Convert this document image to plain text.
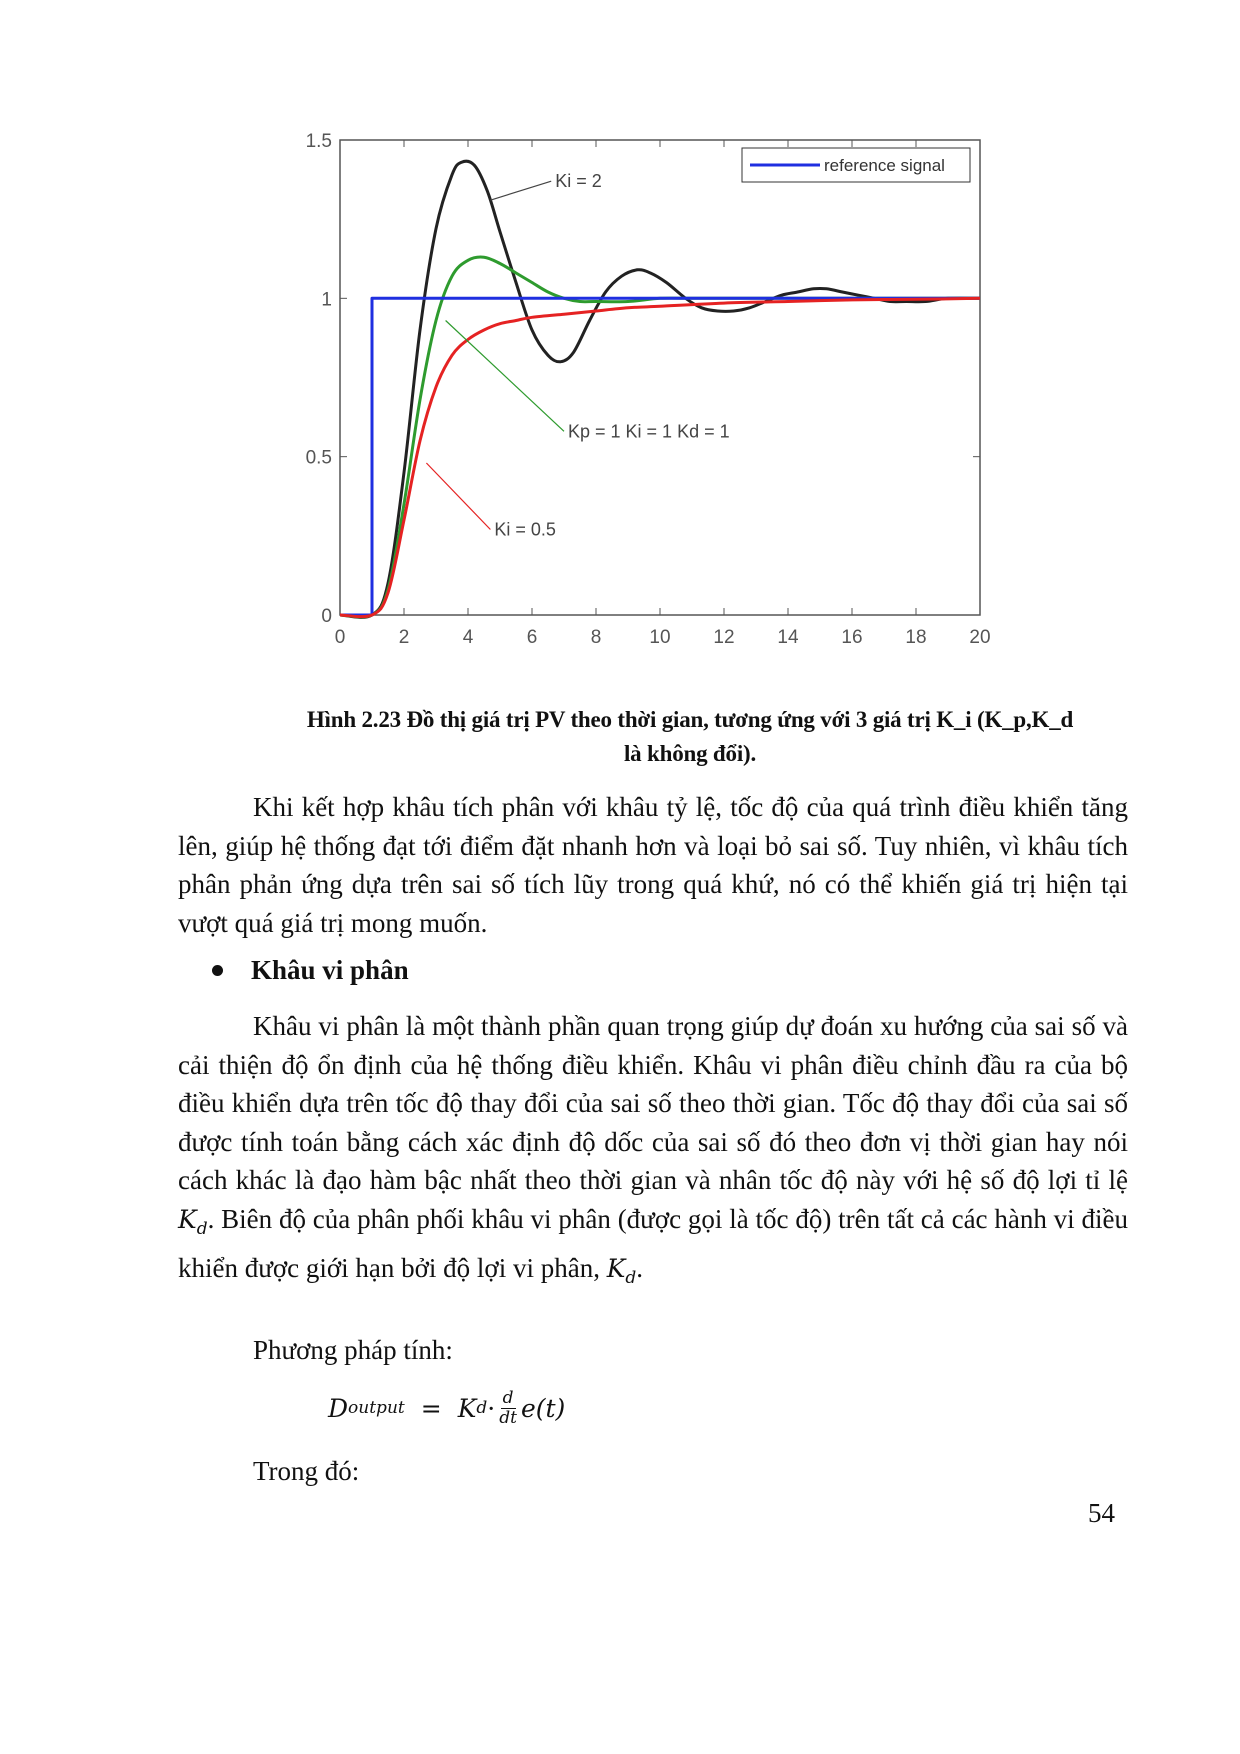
0	2	4	6	8	10 12 14 16 18 20
0
0.5
1
1.5
reference signal
Ki = 2
Kp = 1 Ki = 1 Kd = 1
Ki = 0.5
Hình 2.23 Đồ thị giá trị PV theo thời gian, tương ứng với 3 giá trị K_i (K_p,K_d
là không đổi).

Khi kết hợp khâu tích phân với khâu tỷ lệ, tốc độ của quá trình điều khiển tăng lên, giúp hệ thống đạt tới điểm đặt nhanh hơn và loại bỏ sai số. Tuy nhiên, vì khâu tích phân phản ứng dựa trên sai số tích lũy trong quá khứ, nó có thể khiến giá trị hiện tại vượt quá giá trị mong muốn.

Khâu vi phân

Khâu vi phân là một thành phần quan trọng giúp dự đoán xu hướng của sai số và cải thiện độ ổn định của hệ thống điều khiển. Khâu vi phân điều chỉnh đầu ra của bộ điều khiển dựa trên tốc độ thay đổi của sai số theo thời gian. Tốc độ thay đổi của sai số được tính toán bằng cách xác định độ dốc của sai số đó theo đơn vị thời gian hay nói cách khác là đạo hàm bậc nhất theo thời gian và nhân tốc độ này với hệ số độ lợi tỉ lệ $K_d$. Biên độ của phân phối khâu vi phân (được gọi là tốc độ) trên tất cả các hành vi điều khiển được giới hạn bởi độ lợi vi phân, $K_d$.

Phương pháp tính:
D output = K $d \cdot \frac{d}{dt} e(t)$
Trong đó:
54
